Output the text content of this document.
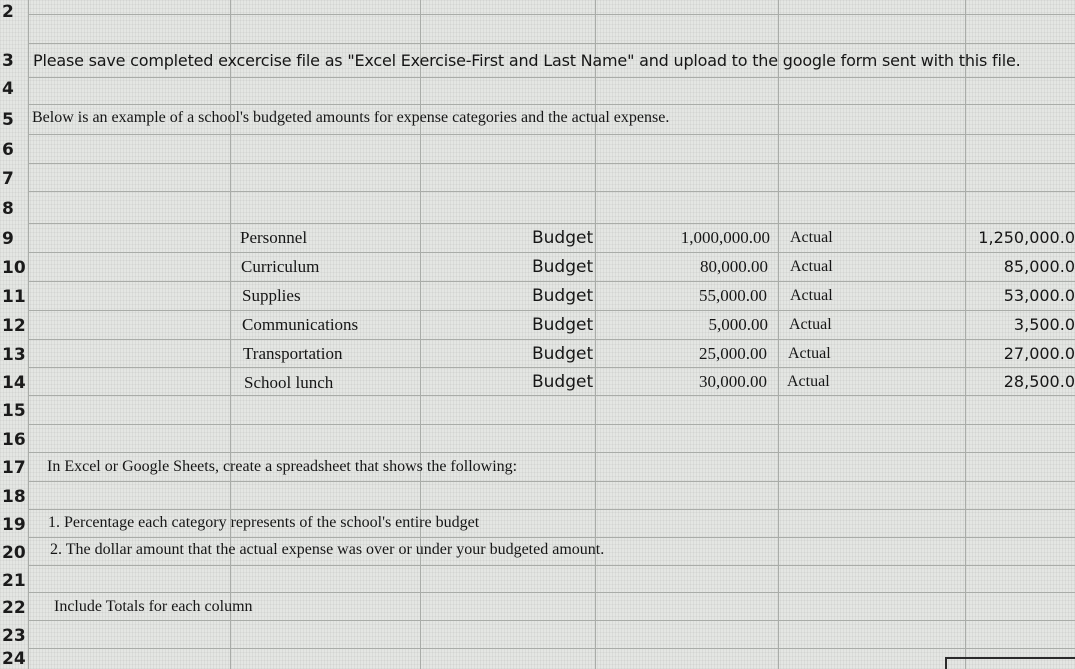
2
3
4
5
6
7
8
9
10
11
12
13
14
15
16
17
18
19
20
21
22
23
24
Please save completed excercise file as "Excel Exercise-First and Last Name" and upload to the google form sent with this file.
Below is an example of a school's budgeted amounts for expense categories and the actual expense.
Personnel	Budget	1,000,000.00 Actual	1,250,000.0
Curriculum	Budget	80,000.00 Actual	85,000.0
Supplies	Budget	55,000.00 Actual	53,000.0
Communications	Budget	5,000.00 Actual	3,500.0
Transportation	Budget	25,000.00 Actual	27,000.0
School lunch	Budget	30,000.00 Actual	28,500.0
In Excel or Google Sheets, create a spreadsheet that shows the following:
1. Percentage each category represents of the school's entire budget
2. The dollar amount that the actual expense was over or under your budgeted amount.
Include Totals for each column
